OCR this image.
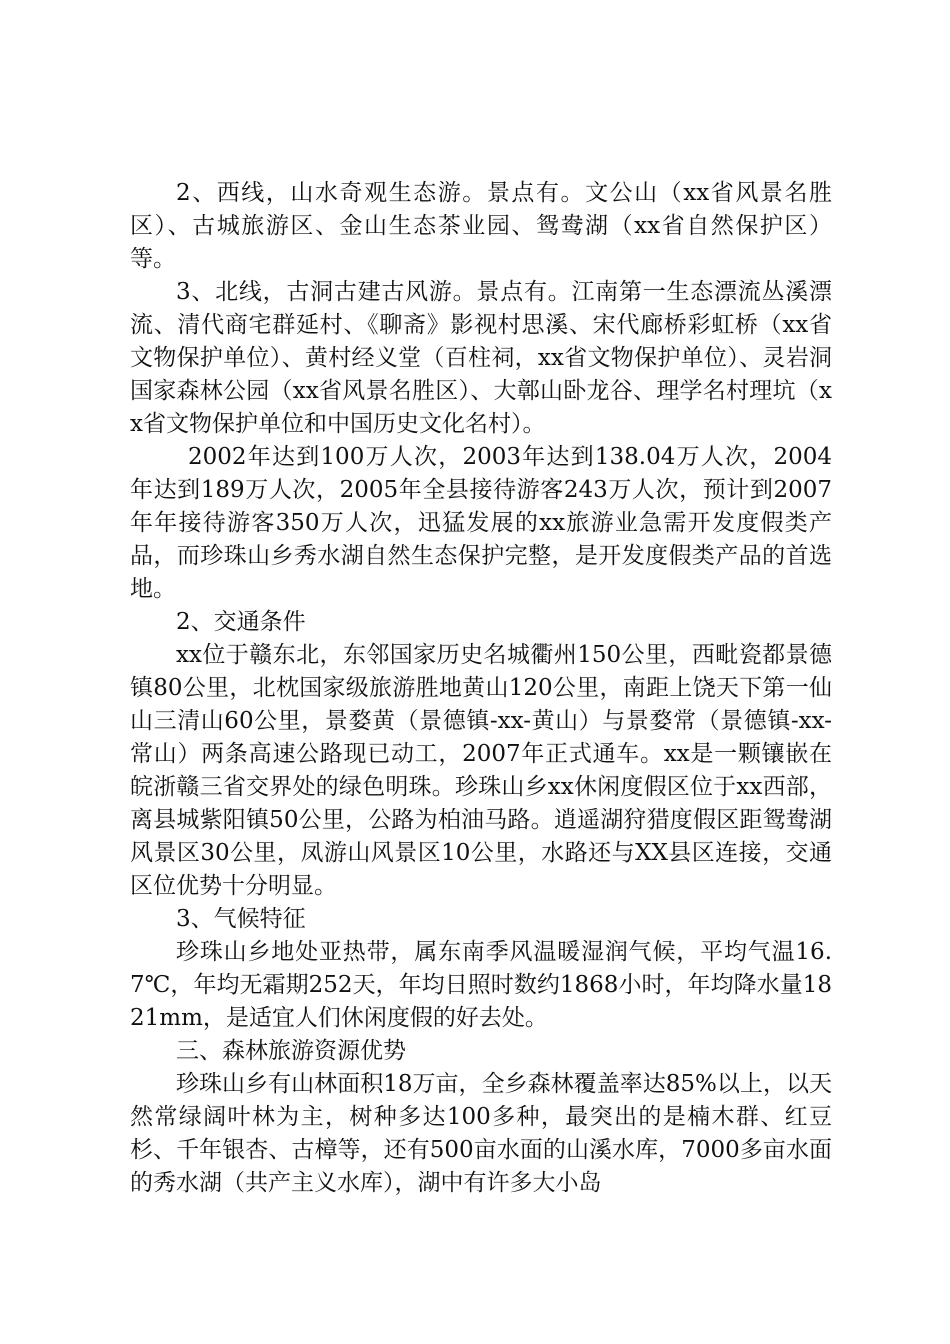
2、西线，山水奇观生态游。景点有。文公山（xx省风景名胜区）、古城旅游区、金山生态茶业园、鸳鸯湖（xx省自然保护区）等。

3、北线，古洞古建古风游。景点有。江南第一生态漂流丛溪漂流、清代商宅群延村、《聊斋》影视村思溪、宋代廊桥彩虹桥（xx省文物保护单位）、黄村经义堂（百柱祠，xx省文物保护单位）、灵岩洞国家森林公园（xx省风景名胜区）、大鄣山卧龙谷、理学名村理坑（xx省文物保护单位和中国历史文化名村）。

2002年达到100万人次，2003年达到138.04万人次，2004年达到189万人次，2005年全县接待游客243万人次，预计到2007年年接待游客350万人次，迅猛发展的xx旅游业急需开发度假类产品，而珍珠山乡秀水湖自然生态保护完整，是开发度假类产品的首选地。

2、交通条件

xx位于赣东北，东邻国家历史名城衢州150公里，西毗瓷都景德镇80公里，北枕国家级旅游胜地黄山120公里，南距上饶天下第一仙山三清山60公里，景婺黄（景德镇-xx-黄山）与景婺常（景德镇-xx-常山）两条高速公路现已动工，2007年正式通车。xx是一颗镶嵌在皖浙赣三省交界处的绿色明珠。珍珠山乡xx休闲度假区位于xx西部，离县城紫阳镇50公里，公路为柏油马路。逍遥湖狩猎度假区距鸳鸯湖风景区30公里，凤游山风景区10公里，水路还与XX县区连接，交通区位优势十分明显。

3、气候特征

珍珠山乡地处亚热带，属东南季风温暖湿润气候，平均气温16.7℃，年均无霜期252天，年均日照时数约1868小时，年均降水量1821mm，是适宜人们休闲度假的好去处。

三、森林旅游资源优势

珍珠山乡有山林面积18万亩，全乡森林覆盖率达85%以上，以天然常绿阔叶林为主，树种多达100多种，最突出的是楠木群、红豆杉、千年银杏、古樟等，还有500亩水面的山溪水库，7000多亩水面的秀水湖（共产主义水库），湖中有许多大小岛
